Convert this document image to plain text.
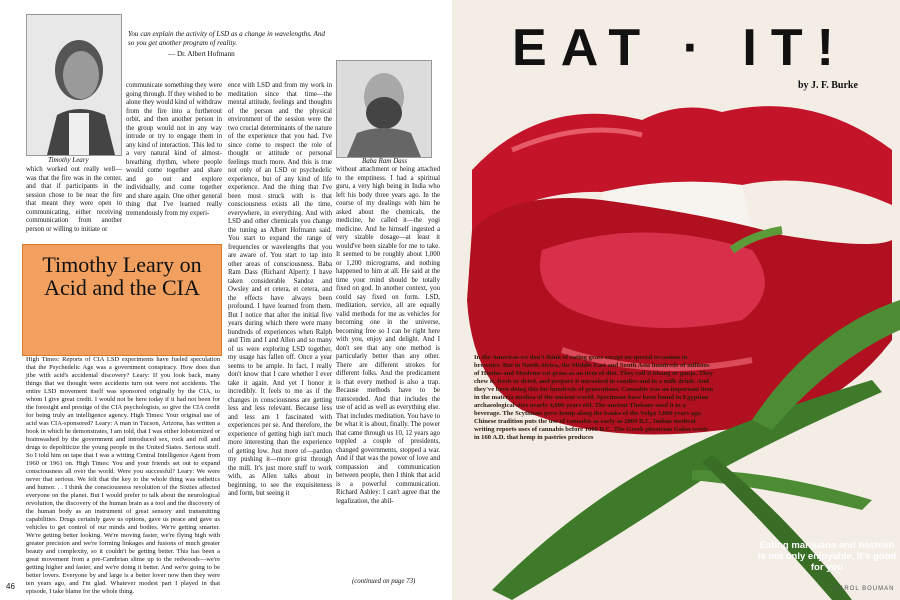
Timothy Leary
You can explain the activity of LSD as a change in wavelengths. And so you get another program of reality.
— Dr. Albert Hofmann
Baba Ram Dass
which worked out really well—was that the fire was in the center, and that if participants in the session chose to be near the fire that meant they were open to communicating, either receiving communication from another person or willing to initiate or
communicate something they were going through. If they wished to be alone they would kind of withdraw from the fire into a furtherout orbit, and then another person in the group would not in any way intrude or try to engage them in any kind of interaction. This led to a very natural kind of almost-breathing rhythm, where people would come together and share and go out and explore individually, and come together and share again. One other general thing that I've learned really tremendously from my experi-
ence with LSD and from my work in meditation since that time—the mental attitude, feelings and thoughts of the person and the physical environment of the session were the two crucial determinants of the nature of the experience that you had. I've since come to respect the role of thought or attitude or personal feelings much more. And this is true not only of an LSD or psychedelic experience, but of any kind of life experience. And the thing that I've been most struck with is that consciousness exists all the time, everywhere, in everything. And with LSD and other chemicals you change the tuning as Albert Hofmann said. You start to expand the range of frequencies or wavelengths that you are aware of. You start to tap into other areas of consciousness. Baba Ram Dass (Richard Alpert): I have taken considerable Sandoz and Owsley and et cetera, et cetera, and the effects have always been profound. I have learned from them. But I notice that after the initial five years during which there were many hundreds of experiences when Ralph and Tim and I and Allen and so many of us were exploring LSD together, my usage has fallen off. Once a year seems to be ample. In fact, I really don't know that I care whether I ever take it again. And yet I honor it incredibly. It feels to me as if the changes in consciousness are getting less and less relevant. Because less and less am I fascinated with experiences per se. And therefore, the experience of getting high isn't much more interesting than the experience of getting low. Just more of—pardon my pushing it—more grist through the mill. It's just more stuff to work with, as Allen talks about in beginning, to see the exquisiteness and form, but seeing it
without attachment or being attached to the emptiness. I had a spiritual guru, a very high being in India who left his body three years ago. In the course of my dealings with him he asked about the chemicals, the medicine, he called it—the yogi medicine. And he himself ingested a very sizable dosage—at least it would've been sizable for me to take. It seemed to be roughly about 1,000 or 1,200 micrograms, and nothing happened to him at all. He said at the time your mind should be totally fixed on god. In another context, you could say fixed on form. LSD, meditation, service, all are equally valid methods for me as vehicles for becoming one in the universe, becoming free so I can be right here with you, enjoy and delight. And I don't see that any one method is particularly better than any other. There are different strokes for different folks. And the predicament is that every method is also a trap. Because methods have to be transcended. And that includes the use of acid as well as everything else. That includes meditation. You have to be what it is about, finally. The power that came through us 10, 12 years ago toppled a couple of presidents, changed governments, stopped a war. And if that was the power of love and compassion and communication between people, then I think that acid is a powerful communication. Richard Ashley: I can't agree that the legalization, the abil-
(continued on page 73)
Timothy Leary on Acid and the CIA
High Times: Reports of CIA LSD experiments have fueled speculation that the Psychedelic Age was a government conspiracy. How does that jibe with acid's accidental discovery? Leary: If you look back, many things that we thought were accidents turn out were not accidents. The entire LSD movement itself was sponsored originally by the CIA, to whom I give great credit. I would not be here today if it had not been for the foresight and prestige of the CIA psychologists, so give the CIA credit for being truly an intelligence agency. High Times: Your original use of acid was CIA-sponsored? Leary: A man in Tucson, Arizona, has written a book in which he demonstrates, I am told, that I was either lobotomized or brainwashed by the government and introduced sex, rock and roll and drugs to depoliticize the young people in the United States. Serious stuff. So I told him on tape that I was a witting Central Intelligence Agent from 1960 or 1961 on. High Times: You and your friends set out to expand consciousness all over the world. Were you successful? Leary: We were never that serious. We felt that the key to the whole thing was esthetics and humor. . . I think the consciousness revolution of the Sixties affected everyone on the planet. But I would prefer to talk about the neurological revolution, the discovery of the human brain as a tool and the discovery of the human body as an instrument of great sensory and transmitting capabilities. Drugs certainly gave us options, gave us peace and gave us vehicles to get control of our minds and bodies. We're getting smarter. We're getting better looking. We're moving faster, we're flying high with greater precision and we're forming linkages and fusions of much greater beauty and complexity, so it couldn't be getting better. This has been a great movement from a pre-Cambrian slime up to the redwoods—we're getting higher and faster, and we're doing it better. And we're going to be better lovers. Everyone by and large is a better lover now then they were ten years ago, and I'm glad. Whatever modest part I played in that episode, I take blame for the whole thing.
46
EAT · IT!
by J. F. Burke
In the Americas we don't think of eating grass except on special occasions in brownies. But in North Africa, the Middle East and South Asia hundreds of millions of Hindus and Moslems eat grass as an item of diet. They call it bhang or ganja. They chew it, fresh or dried, and prepare it uncooked in candies and in a milk drink. And they've been doing this for hundreds of generations. Cannabis was an important item in the materia medica of the ancient world. Specimens have been found in Egyptian archaeological sites nearly 4,000 years old. The ancient Thebans used it in a beverage. The Scythians grew hemp along the banks of the Volga 3,000 years ago. Chinese tradition puts the use of cannabis as early as 2000 B.C. Indian medical writing reports uses of cannabis before 1000 B.C. The Greek physician Galen wrote in 160 A.D. that hemp in pastries produces
Eating marijuana and hashish is not only enjoyable, it's good for you
CAROL BOUMAN
